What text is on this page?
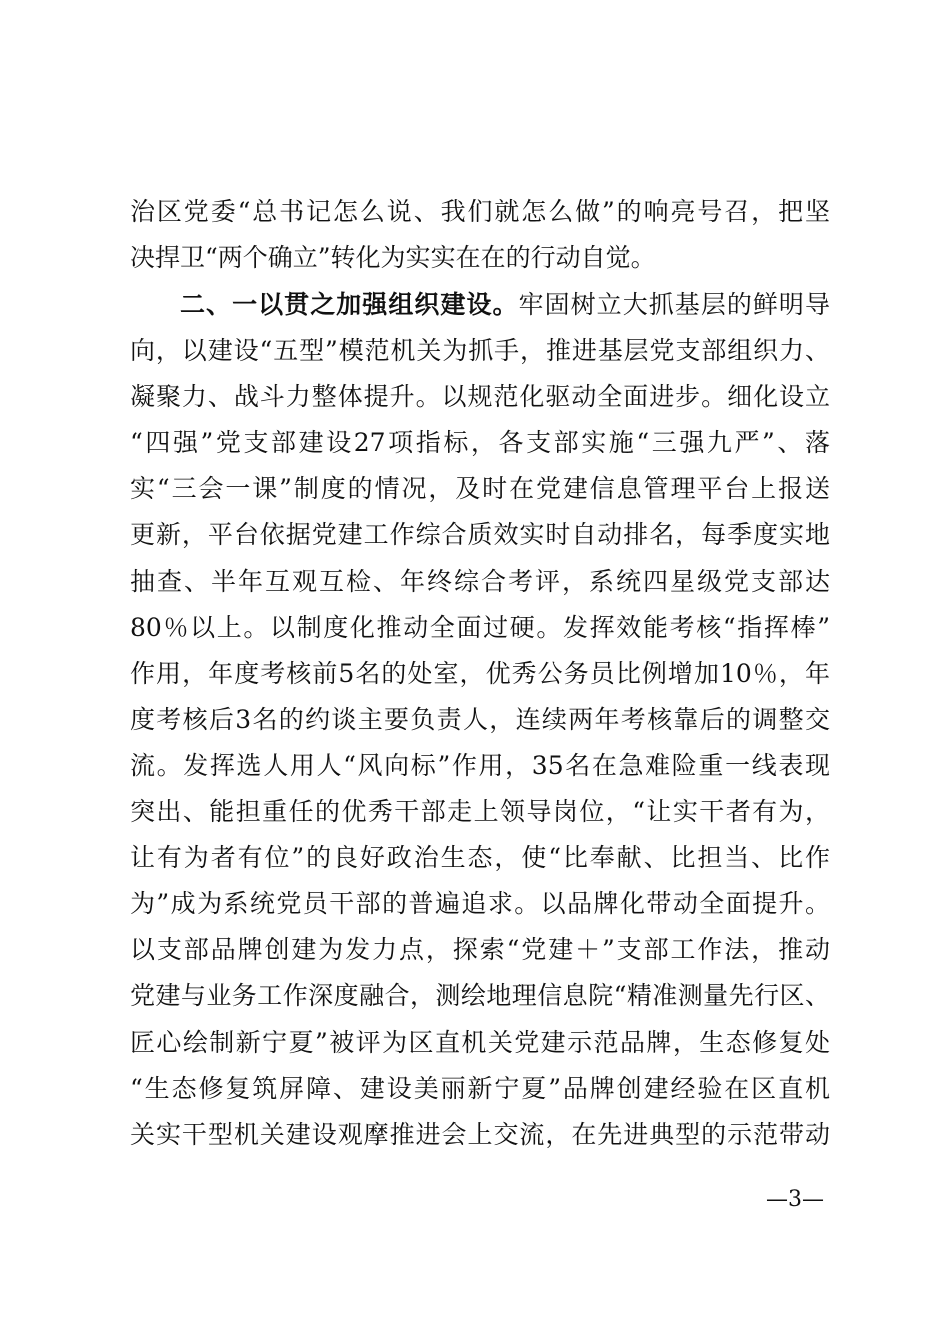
治区党委“总书记怎么说、我们就怎么做”的响亮号召，把坚
决捍卫“两个确立”转化为实实在在的行动自觉。
二、一以贯之加强组织建设。牢固树立大抓基层的鲜明导
向，以建设“五型”模范机关为抓手，推进基层党支部组织力、
凝聚力、战斗力整体提升。以规范化驱动全面进步。细化设立
“四强”党支部建设27项指标，各支部实施“三强九严”、落
实“三会一课”制度的情况，及时在党建信息管理平台上报送
更新，平台依据党建工作综合质效实时自动排名，每季度实地
抽查、半年互观互检、年终综合考评，系统四星级党支部达
80％以上。以制度化推动全面过硬。发挥效能考核“指挥棒”
作用，年度考核前5名的处室，优秀公务员比例增加10％，年
度考核后3名的约谈主要负责人，连续两年考核靠后的调整交
流。发挥选人用人“风向标”作用，35名在急难险重一线表现
突出、能担重任的优秀干部走上领导岗位，“让实干者有为，
让有为者有位”的良好政治生态，使“比奉献、比担当、比作
为”成为系统党员干部的普遍追求。以品牌化带动全面提升。
以支部品牌创建为发力点，探索“党建＋”支部工作法，推动
党建与业务工作深度融合，测绘地理信息院“精准测量先行区、
匠心绘制新宁夏”被评为区直机关党建示范品牌，生态修复处
“生态修复筑屏障、建设美丽新宁夏”品牌创建经验在区直机
关实干型机关建设观摩推进会上交流，在先进典型的示范带动
—3—
